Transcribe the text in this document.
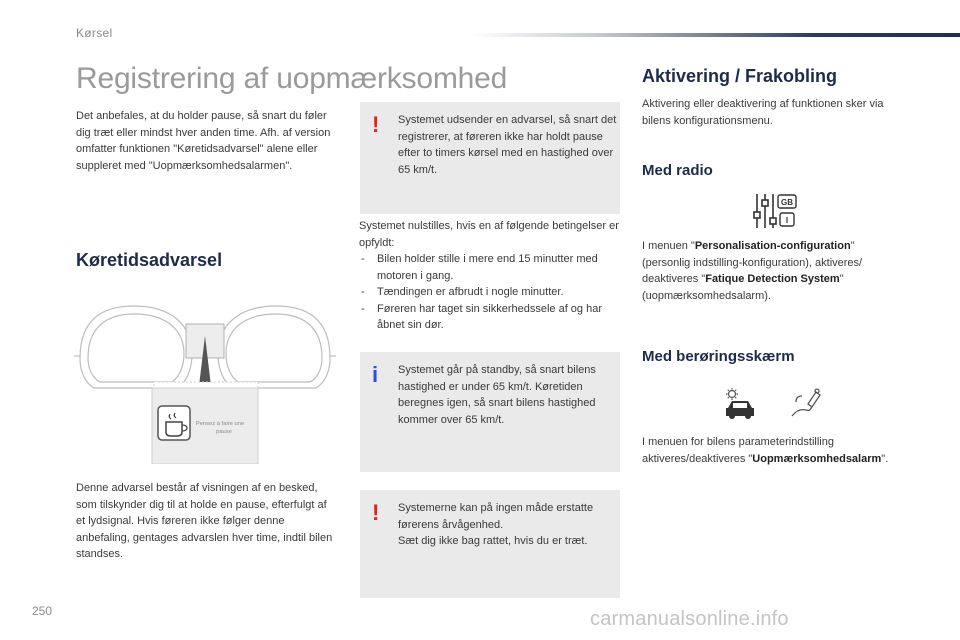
Kørsel
Registrering af uopmærksomhed

Det anbefales, at du holder pause, så snart du føler dig træt eller mindst hver anden time. Afh. af version omfatter funktionen "Køretidsadvarsel" alene eller suppleret med "Uopmærksomhedsalarmen".

Køretidsadvarsel
Pensez à faire une
pause

Denne advarsel består af visningen af en besked, som tilskynder dig til at holde en pause, efterfulgt af et lydsignal. Hvis føreren ikke følger denne anbefaling, gentages advarslen hver time, indtil bilen standses.

! Systemet udsender en advarsel, så snart det registrerer, at føreren ikke har holdt pause efter to timers kørsel med en hastighed over 65 km/t.

Systemet nulstilles, hvis en af følgende betingelser er opfyldt:

- Bilen holder stille i mere end 15 minutter med motoren i gang.
- Tændingen er afbrudt i nogle minutter.
- Føreren har taget sin sikkerhedssele af og har åbnet sin dør.
i Systemet går på standby, så snart bilens hastighed er under 65 km/t. Køretiden beregnes igen, så snart bilens hastighed kommer over 65 km/t.
! Systemerne kan på ingen måde erstatte førerens årvågenhed.
Sæt dig ikke bag rattet, hvis du er træt.
Aktivering / Frakobling

Aktivering eller deaktivering af funktionen sker via bilens konfigurationsmenu.

Med radio
GB
I

I menuen "Personalisation-configuration" (personlig indstilling-konfiguration), aktiveres/ deaktiveres "Fatique Detection System" (uopmærksomhedsalarm).

Med berøringsskærm

I menuen for bilens parameterindstilling aktiveres/deaktiveres "Uopmærksomhedsalarm".

250	carmanualsonline.info
